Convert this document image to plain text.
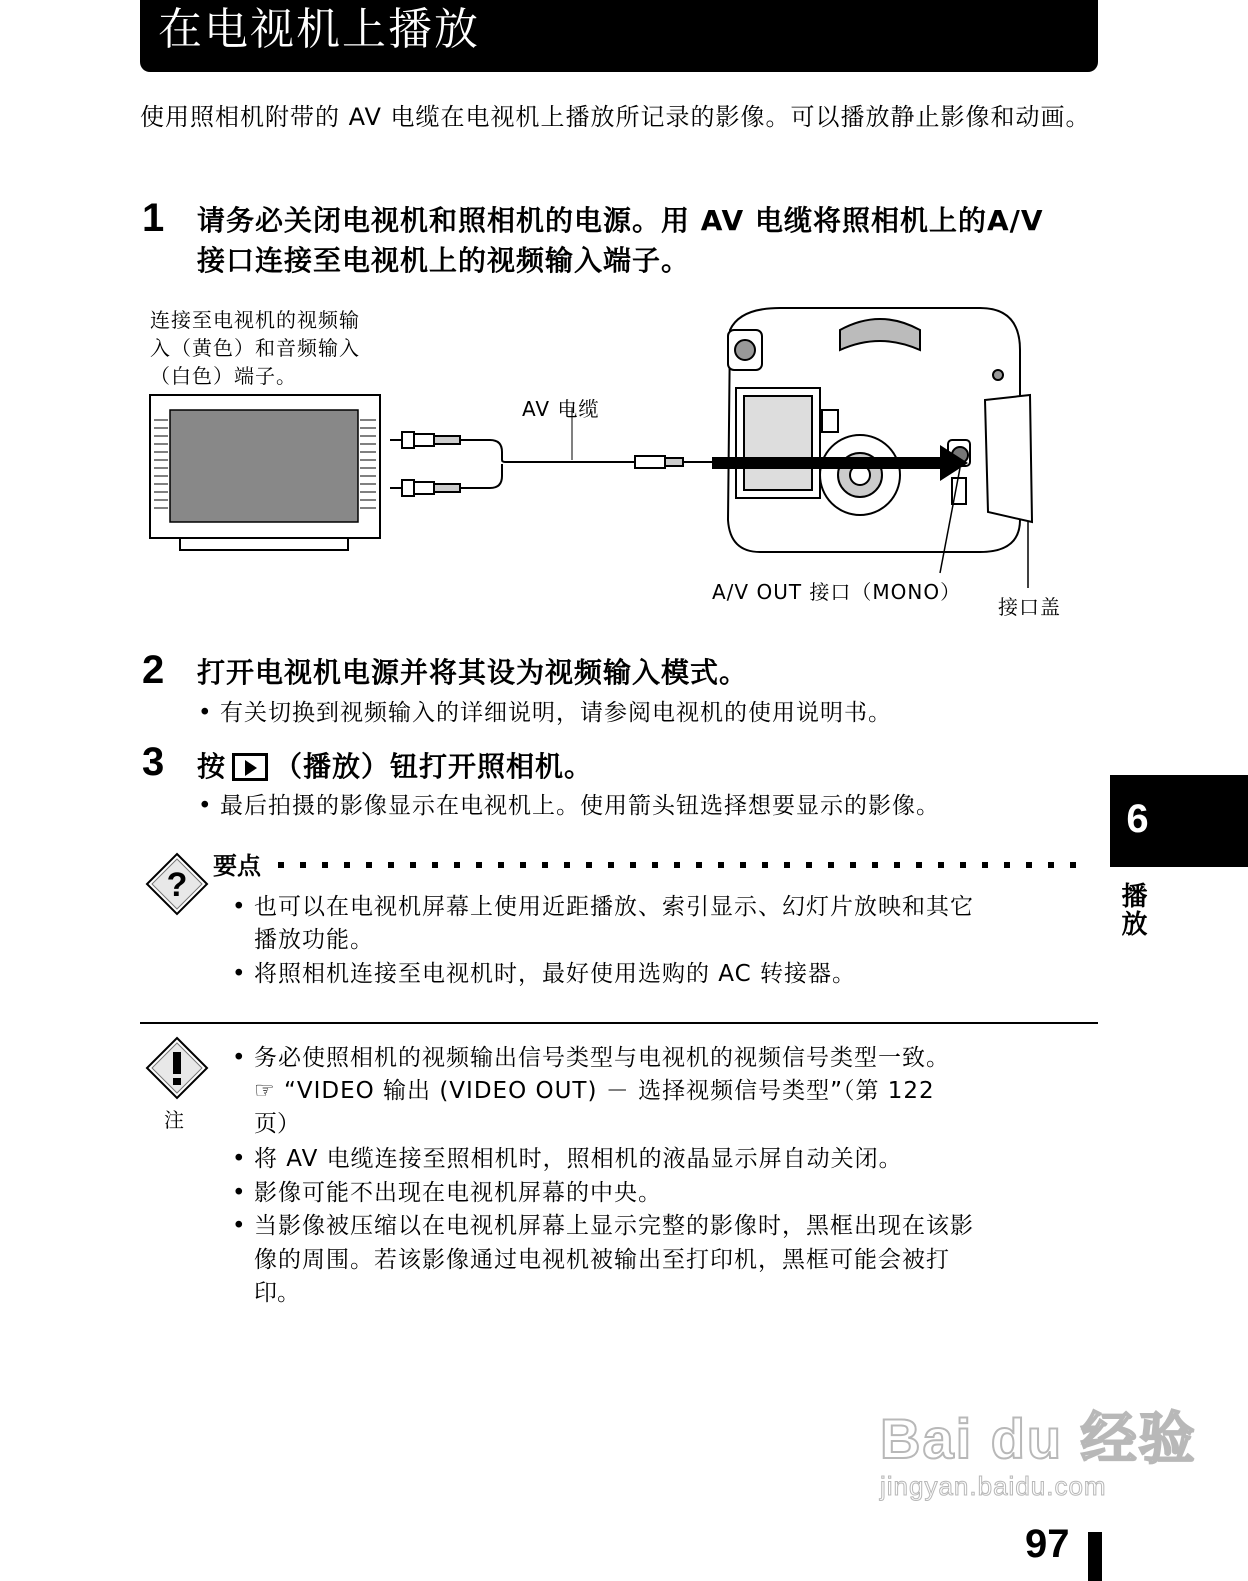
在电视机上播放
使用照相机附带的 AV 电缆在电视机上播放所记录的影像。可以播放静止影像和动画。
1 请务必关闭电视机和照相机的电源。用 AV 电缆将照相机上的A/V
接口连接至电视机上的视频输入端子。
连接至电视机的视频输
入（黄色）和音频输入
（白色）端子。
AV 电缆
A/V OUT 接口（MONO）
接口盖
2 打开电视机电源并将其设为视频输入模式。
• 有关切换到视频输入的详细说明，请参阅电视机的使用说明书。
3 按 （播放）钮打开照相机。
• 最后拍摄的影像显示在电视机上。使用箭头钮选择想要显示的影像。
? 要点
• 也可以在电视机屏幕上使用近距播放、索引显示、幻灯片放映和其它
播放功能。
• 将照相机连接至电视机时，最好使用选购的 AC 转接器。
注
• 务必使照相机的视频输出信号类型与电视机的视频信号类型一致。
☞ “VIDEO 输出 (VIDEO OUT) － 选择视频信号类型”（第 122
页）
• 将 AV 电缆连接至照相机时，照相机的液晶显示屏自动关闭。
• 影像可能不出现在电视机屏幕的中央。
• 当影像被压缩以在电视机屏幕上显示完整的影像时，黑框出现在该影
像的周围。若该影像通过电视机被输出至打印机，黑框可能会被打
印。
6
播放
Bai du 经验
jingyan.baidu.com
97
